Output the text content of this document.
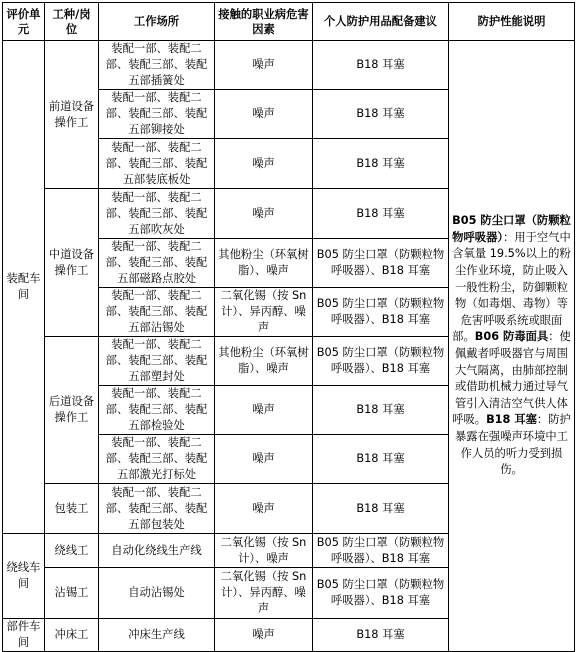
评价单元	工种/岗位	工作场所	接触的职业病危害因素	个人防护用品配备建议	防护性能说明
装配车间	前道设备操作工	装配一部、装配二部、装配三部、装配五部插簧处	噪声	B18 耳塞	B05 防尘口罩（防颗粒物呼吸器）：用于空气中含氧量 19.5%以上的粉尘作业环境，防止吸入一般性粉尘，防御颗粒物（如毒烟、毒物）等危害呼吸系统或眼面部。B06 防毒面具：使佩戴者呼吸器官与周围大气隔离，由肺部控制或借助机械力通过导气管引入清洁空气供人体呼吸。B18 耳塞：防护暴露在强噪声环境中工作人员的听力受到损伤。
		装配一部、装配二部、装配三部、装配五部铆接处	噪声	B18 耳塞	
		装配一部、装配二部、装配三部、装配五部装底板处	噪声	B18 耳塞	
	中道设备操作工	装配一部、装配二部、装配三部、装配五部吹灰处	噪声	B18 耳塞	
		装配一部、装配二部、装配三部、装配五部磁路点胶处	其他粉尘（环氧树脂）、噪声	B05 防尘口罩（防颗粒物呼吸器）、B18 耳塞	
		装配一部、装配二部、装配三部、装配五部沾锡处	二氧化锡（按 Sn 计）、异丙醇、噪声	B05 防尘口罩（防颗粒物呼吸器）、B18 耳塞	
	后道设备操作工	装配一部、装配二部、装配三部、装配五部塑封处	其他粉尘（环氧树脂）、噪声	B05 防尘口罩（防颗粒物呼吸器）、B18 耳塞	
		装配一部、装配二部、装配三部、装配五部检验处	噪声	B18 耳塞	
		装配一部、装配二部、装配三部、装配五部激光打标处	噪声	B18 耳塞	
	包装工	装配一部、装配二部、装配三部、装配五部包装处	噪声	B18 耳塞	
绕线车间	绕线工	自动化绕线生产线	二氧化锡（按 Sn 计）、噪声	B05 防尘口罩（防颗粒物呼吸器）、B18 耳塞	
	沾锡工	自动沾锡处	二氧化锡（按 Sn 计）、异丙醇、噪声	B05 防尘口罩（防颗粒物呼吸器）、B18 耳塞	
部件车间	冲床工	冲床生产线	噪声	B18 耳塞	
